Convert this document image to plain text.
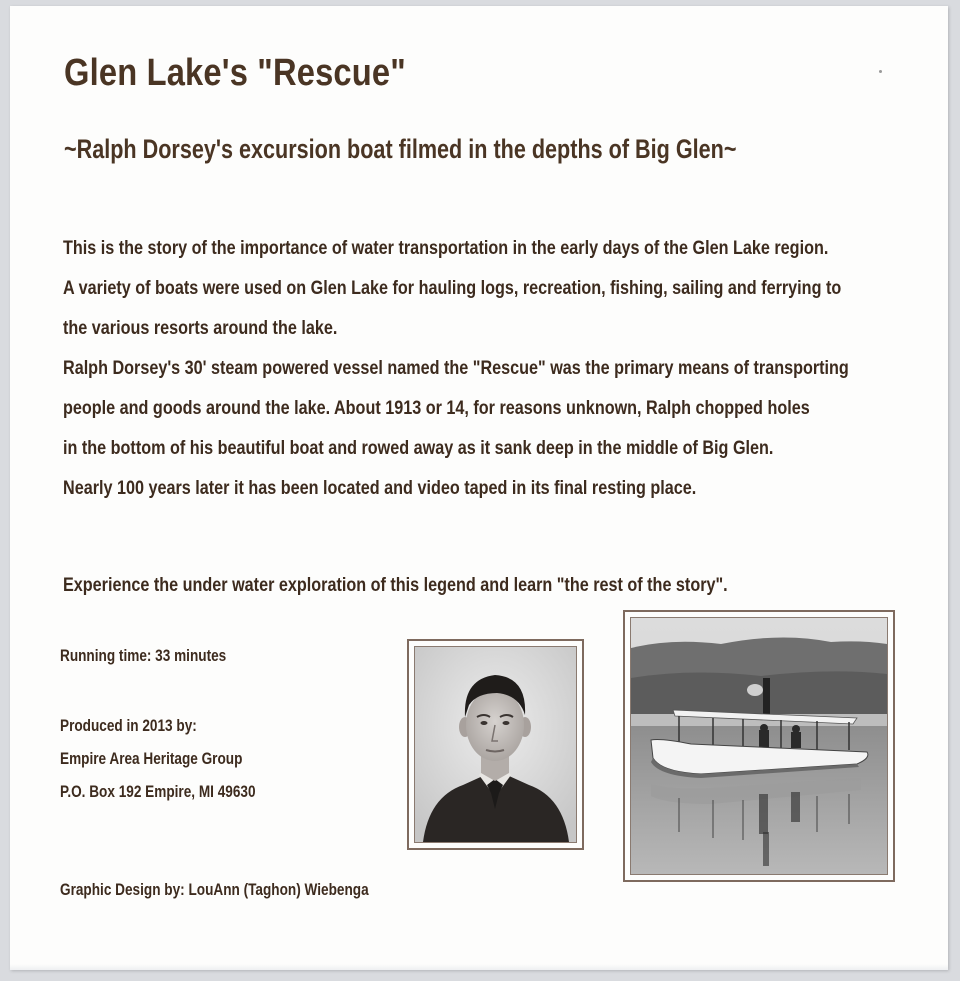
Glen Lake's "Rescue"
~Ralph Dorsey's excursion boat filmed in the depths of Big Glen~

This is the story of the importance of water transportation in the early days of the Glen Lake region.

A variety of boats were used on Glen Lake for hauling logs, recreation, fishing, sailing and ferrying to

the various resorts around the lake.

Ralph Dorsey's 30' steam powered vessel named the "Rescue" was the primary means of transporting

people and goods around the lake. About 1913 or 14, for reasons unknown, Ralph chopped holes

in the bottom of his beautiful boat and rowed away as it sank deep in the middle of Big Glen.

Nearly 100 years later it has been located and video taped in its final resting place.

Experience the under water exploration of this legend and learn "the rest of the story".

Running time: 33 minutes

Produced in 2013 by:
Empire Area Heritage Group
P.O. Box 192 Empire, MI 49630

Graphic Design by: LouAnn (Taghon) Wiebenga
